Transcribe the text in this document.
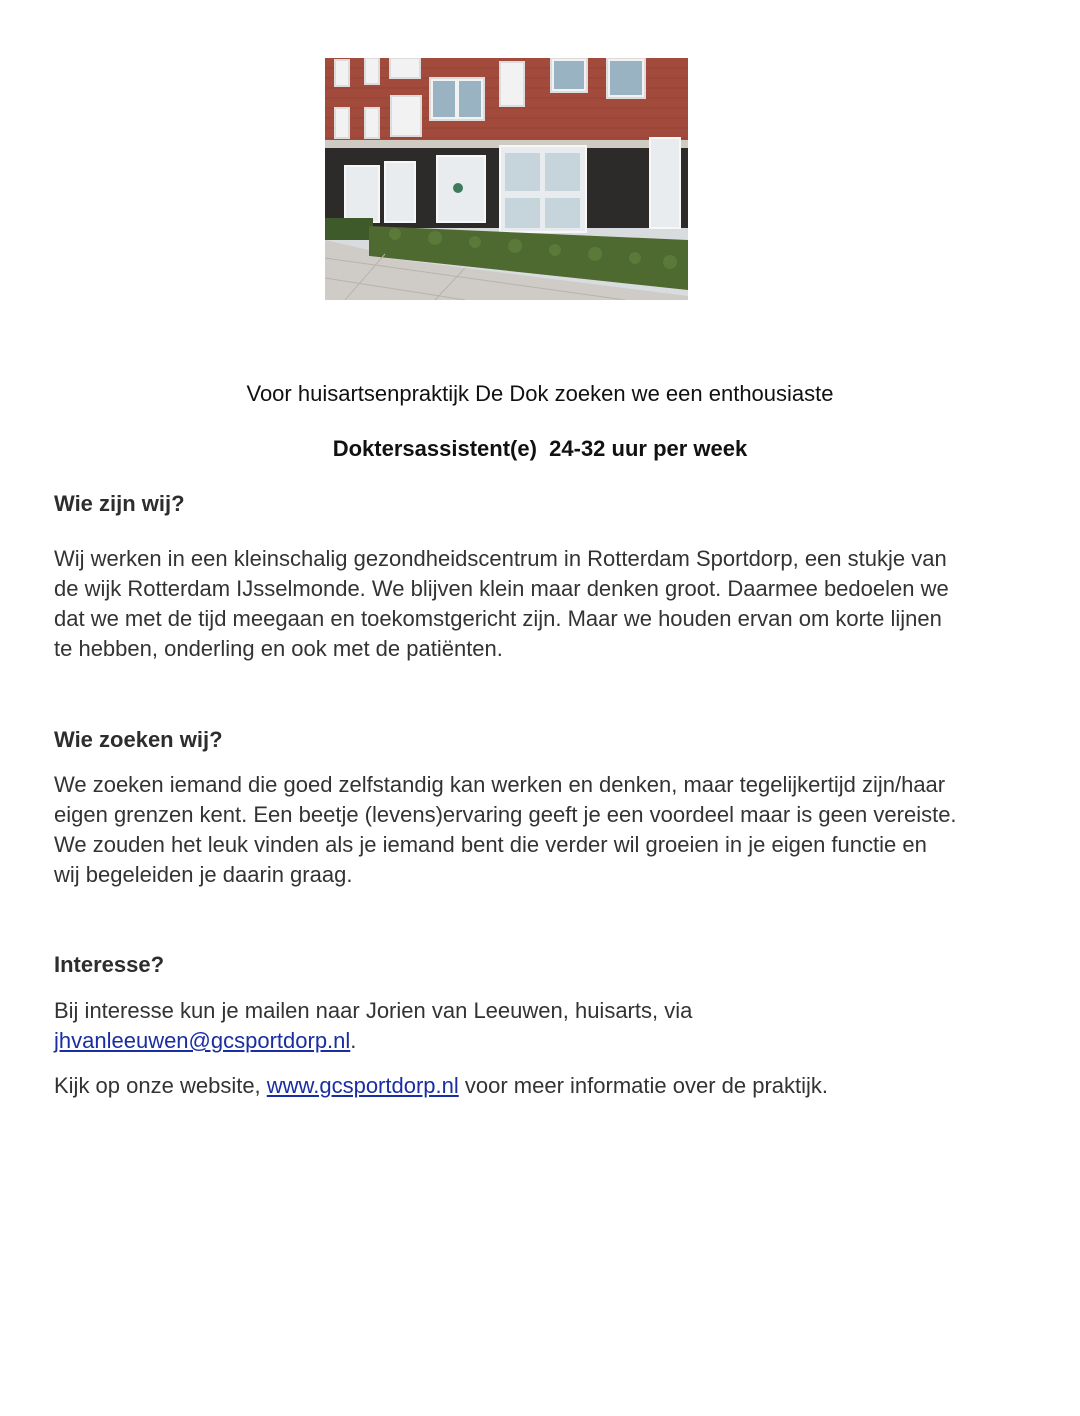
Voor huisartsenpraktijk De Dok zoeken we een enthousiaste

Doktersassistent(e)  24-32 uur per week

Wie zijn wij?

Wij werken in een kleinschalig gezondheidscentrum in Rotterdam Sportdorp, een stukje van
de wijk Rotterdam IJsselmonde. We blijven klein maar denken groot. Daarmee bedoelen we
dat we met de tijd meegaan en toekomstgericht zijn. Maar we houden ervan om korte lijnen
te hebben, onderling en ook met de patiënten.

Wie zoeken wij?

We zoeken iemand die goed zelfstandig kan werken en denken, maar tegelijkertijd zijn/haar
eigen grenzen kent. Een beetje (levens)ervaring geeft je een voordeel maar is geen vereiste.
We zouden het leuk vinden als je iemand bent die verder wil groeien in je eigen functie en
wij begeleiden je daarin graag.

Interesse?

Bij interesse kun je mailen naar Jorien van Leeuwen, huisarts, via
jhvanleeuwen@gcsportdorp.nl.

Kijk op onze website, www.gcsportdorp.nl voor meer informatie over de praktijk.
